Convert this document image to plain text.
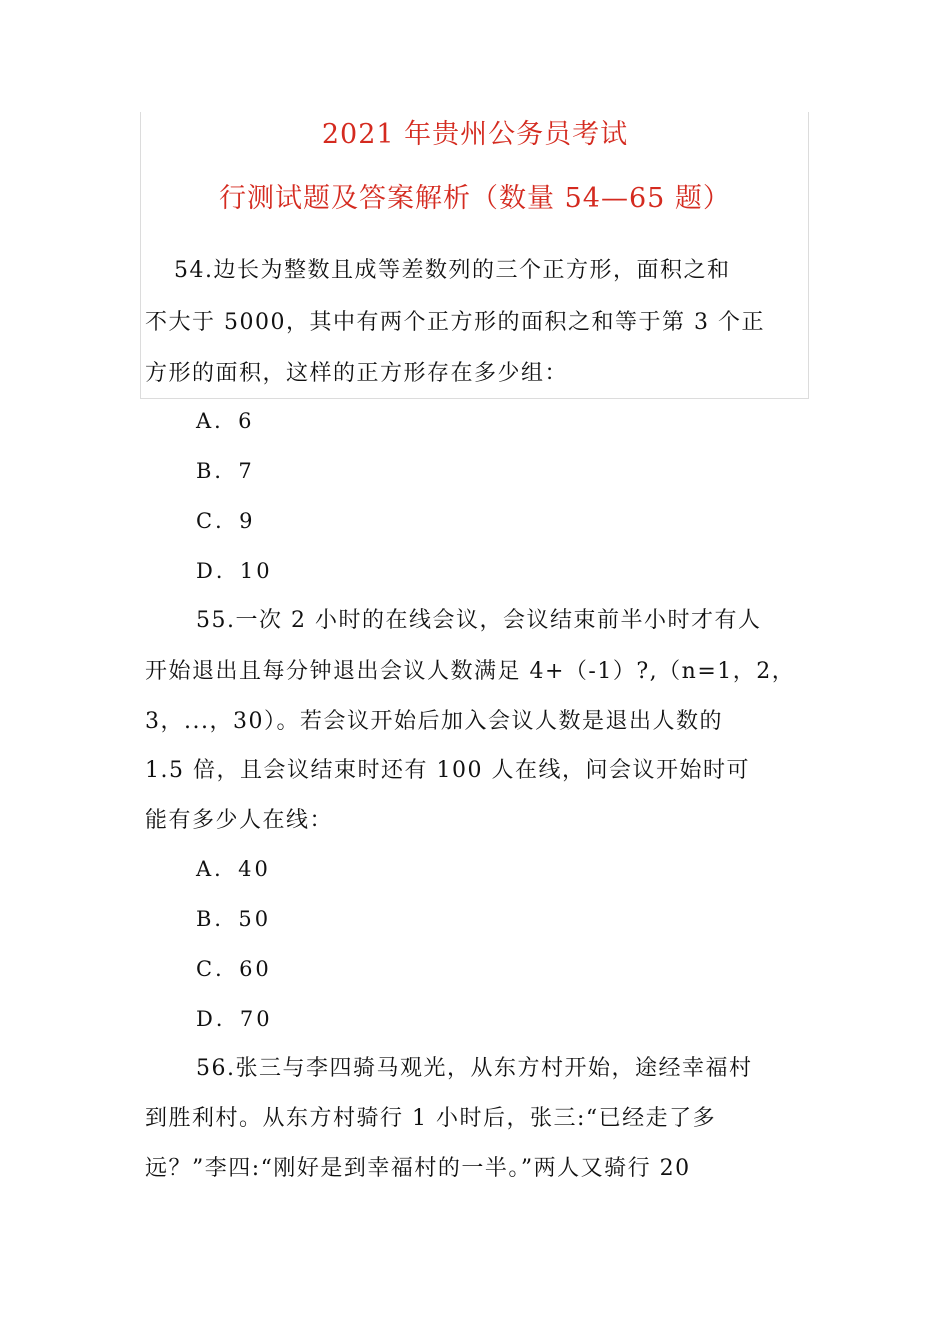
2021 年贵州公务员考试
行测试题及答案解析（数量 54—65 题）
54.边长为整数且成等差数列的三个正方形，面积之和
不大于 5000，其中有两个正方形的面积之和等于第 3 个正
方形的面积，这样的正方形存在多少组：
A．6
B．7
C．9
D．10
55.一次 2 小时的在线会议，会议结束前半小时才有人
开始退出且每分钟退出会议人数满足 4+（-1）?,（n=1，2，
3，...，30）。若会议开始后加入会议人数是退出人数的
1.5 倍，且会议结束时还有 100 人在线，问会议开始时可
能有多少人在线：
A．40
B．50
C．60
D．70
56.张三与李四骑马观光，从东方村开始，途经幸福村
到胜利村。从东方村骑行 1 小时后，张三:“已经走了多
远？”李四:“刚好是到幸福村的一半。”两人又骑行 20
